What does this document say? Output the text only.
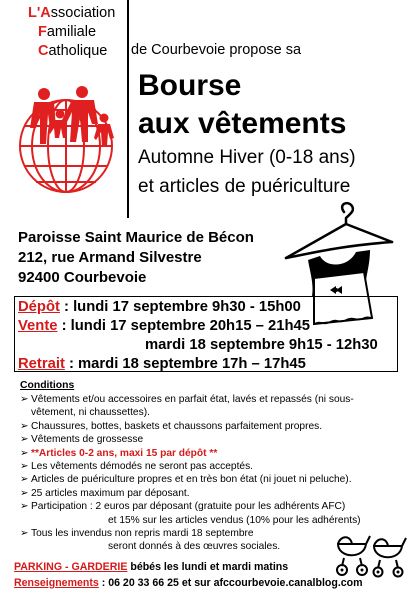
L'Association
Familiale
Catholique	de Courbevoie propose sa
Bourse
aux vêtements
Automne Hiver (0-18 ans)
et articles de puériculture
Paroisse Saint Maurice de Bécon
212, rue Armand Silvestre
92400 Courbevoie
Dépôt : lundi 17 septembre 9h30 - 15h00
Vente : lundi 17 septembre 20h15 – 21h45
mardi 18 septembre 9h15 - 12h30
Retrait : mardi 18 septembre 17h – 17h45
Conditions
➢ Vêtements et/ou accessoires en parfait état, lavés et repassés (ni sous-
vêtement, ni chaussettes).
➢ Chaussures, bottes, baskets et chaussons parfaitement propres.
➢ Vêtements de grossesse
➢ **Articles 0-2 ans, maxi 15 par dépôt **
➢ Les vêtements démodés ne seront pas acceptés.
➢ Articles de puériculture propres et en très bon état (ni jouet ni peluche).
➢ 25 articles maximum par déposant.
➢ Participation : 2 euros par déposant (gratuite pour les adhérents AFC)
et 15% sur les articles vendus (10% pour les adhérents)
➢ Tous les invendus non repris mardi 18 septembre
seront donnés à des œuvres sociales.
PARKING - GARDERIE bébés les lundi et mardi matins
Renseignements : 06 20 33 66 25 et sur afccourbevoie.canalblog.com
